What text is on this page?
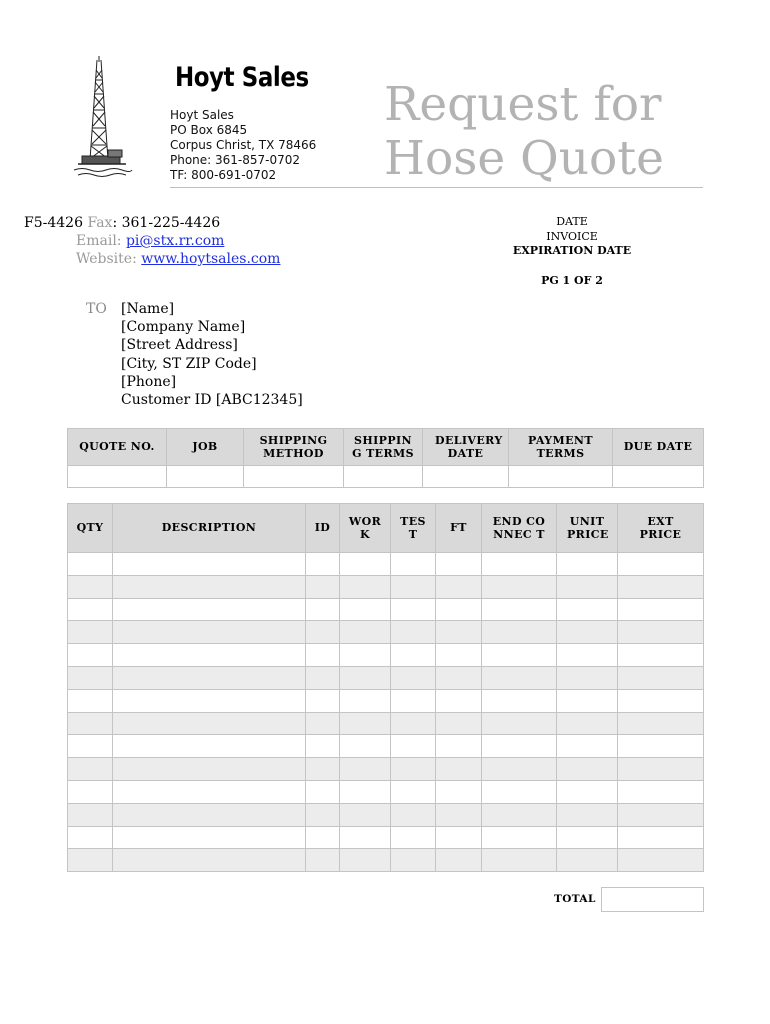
Hoyt Sales
Hoyt Sales
PO Box 6845
Corpus Christ, TX 78466
Phone: 361-857-0702
TF: 800-691-0702
Request for
Hose Quote
F5-4426 Fax: 361-225-4426
Email: pi@stx.rr.com
Website: www.hoytsales.com
DATE
INVOICE
EXPIRATION DATE
PG 1 OF 2
TO [Name]
[Company Name]
[Street Address]
[City, ST ZIP Code]
[Phone]
Customer ID [ABC12345]
QUOTE NO.	JOB	SHIPPING METHOD	SHIPPIN G TERMS	DELIVERY DATE	PAYMENT TERMS	DUE DATE

QTY	DESCRIPTION	ID	WOR K	TES T	FT	END CONNEC T	UNIT PRICE	EXT PRICE

TOTAL
